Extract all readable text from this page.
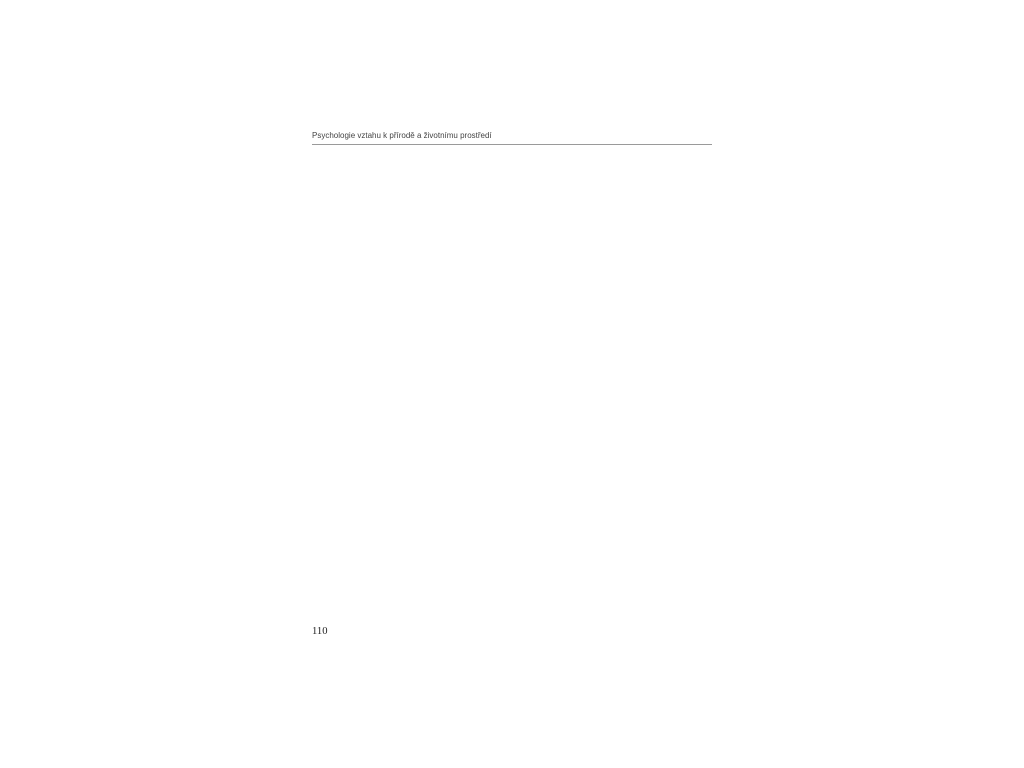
Psychologie vztahu k přírodě a životnímu prostředí
110
